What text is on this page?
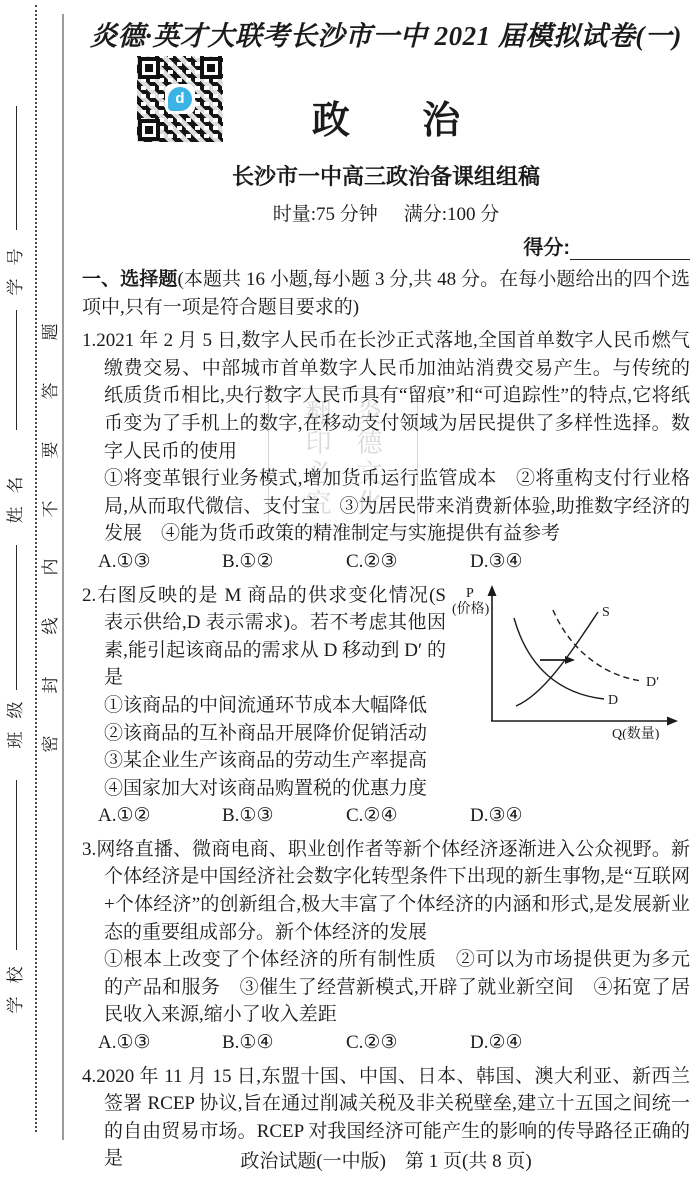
号
学
名
姓
级
班
校
学
题
答
要
不
内
线
封
密
翻印必究 炎德文化
炎德·英才大联考长沙市一中 2021 届模拟试卷(一)
d
政治
长沙市一中高三政治备课组组稿
时量:75 分钟 满分:100 分
得分:

一、选择题(本题共 16 小题,每小题 3 分,共 48 分。在每小题给出的四个选项中,只有一项是符合题目要求的)

1.2021 年 2 月 5 日,数字人民币在长沙正式落地,全国首单数字人民币燃气缴费交易、中部城市首单数字人民币加油站消费交易产生。与传统的纸质货币相比,央行数字人民币具有“留痕”和“可追踪性”的特点,它将纸币变为了手机上的数字,在移动支付领域为居民提供了多样性选择。数字人民币的使用

①将变革银行业务模式,增加货币运行监管成本　②将重构支付行业格局,从而取代微信、支付宝　③为居民带来消费新体验,助推数字经济的发展　④能为货币政策的精准制定与实施提供有益参考

A.①③	B.①②	C.②③	D.③④
P
(价格)	S
D
D′
Q(数量)

2.右图反映的是 M 商品的供求变化情况(S 表示供给,D 表示需求)。若不考虑其他因素,能引起该商品的需求从 D 移动到 D′ 的是

①该商品的中间流通环节成本大幅降低

②该商品的互补商品开展降价促销活动

③某企业生产该商品的劳动生产率提高

④国家加大对该商品购置税的优惠力度

A.①②	B.①③	C.②④	D.③④

3.网络直播、微商电商、职业创作者等新个体经济逐渐进入公众视野。新个体经济是中国经济社会数字化转型条件下出现的新生事物,是“互联网+个体经济”的创新组合,极大丰富了个体经济的内涵和形式,是发展新业态的重要组成部分。新个体经济的发展

①根本上改变了个体经济的所有制性质　②可以为市场提供更为多元的产品和服务　③催生了经营新模式,开辟了就业新空间　④拓宽了居民收入来源,缩小了收入差距

A.①③	B.①④	C.②③	D.②④

4.2020 年 11 月 15 日,东盟十国、中国、日本、韩国、澳大利亚、新西兰签署 RCEP 协议,旨在通过削减关税及非关税壁垒,建立十五国之间统一的自由贸易市场。RCEP 对我国经济可能产生的影响的传导路径正确的是	政治试题(一中版)　第 1 页(共 8 页)
